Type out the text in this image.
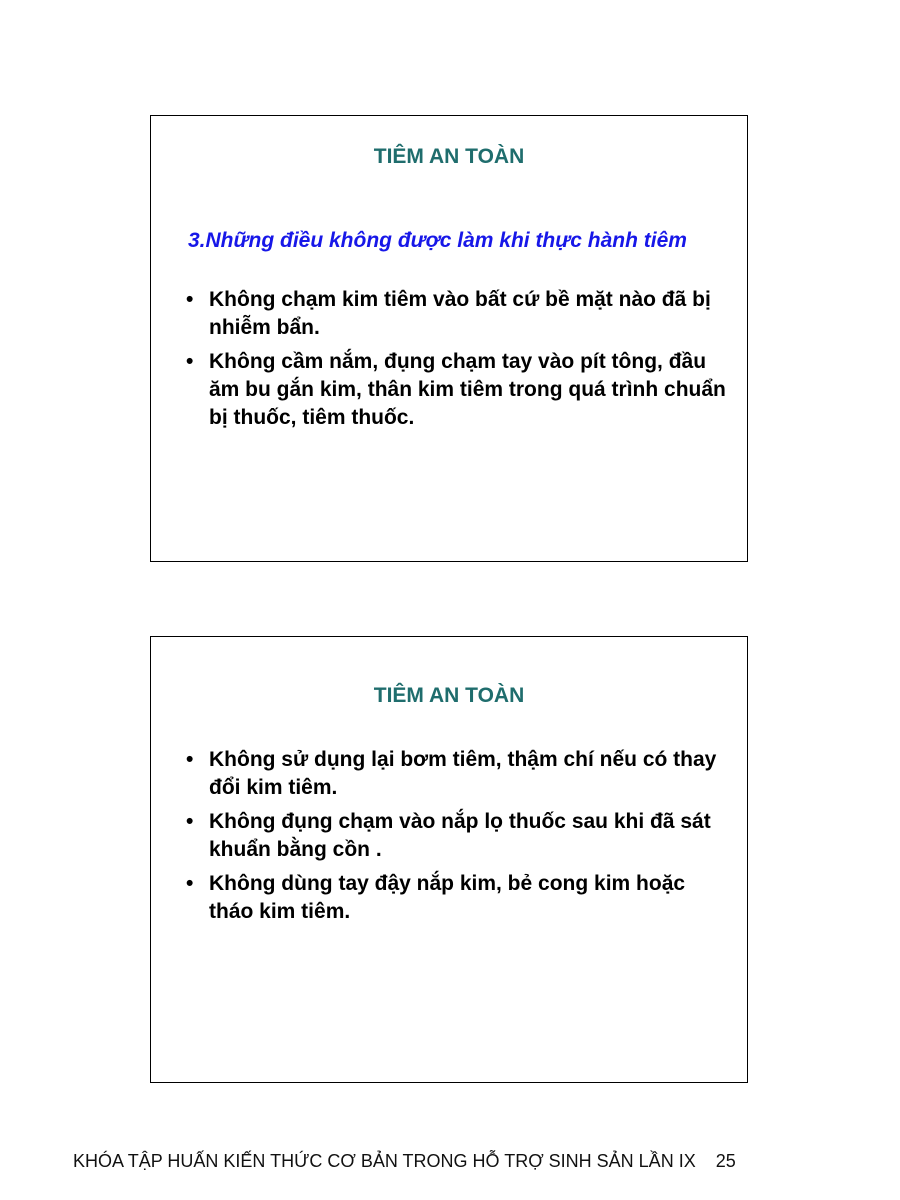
TIÊM AN TOÀN
3.Những điều không được làm khi thực hành tiêm
• Không chạm kim tiêm vào bất cứ bề mặt nào đã bị nhiễm bẩn.
• Không cầm nắm, đụng chạm tay vào pít tông, đầu ăm bu gắn kim, thân kim tiêm trong quá trình chuẩn bị thuốc, tiêm thuốc.
TIÊM AN TOÀN
• Không sử dụng lại bơm tiêm, thậm chí nếu có thay đổi kim tiêm.
• Không đụng chạm vào nắp lọ thuốc sau khi đã sát khuẩn bằng cồn .
• Không dùng tay đậy nắp kim, bẻ cong kim hoặc tháo kim tiêm.
KHÓA TẬP HUẤN KIẾN THỨC CƠ BẢN TRONG HỖ TRỢ SINH SẢN LẦN IX 25
